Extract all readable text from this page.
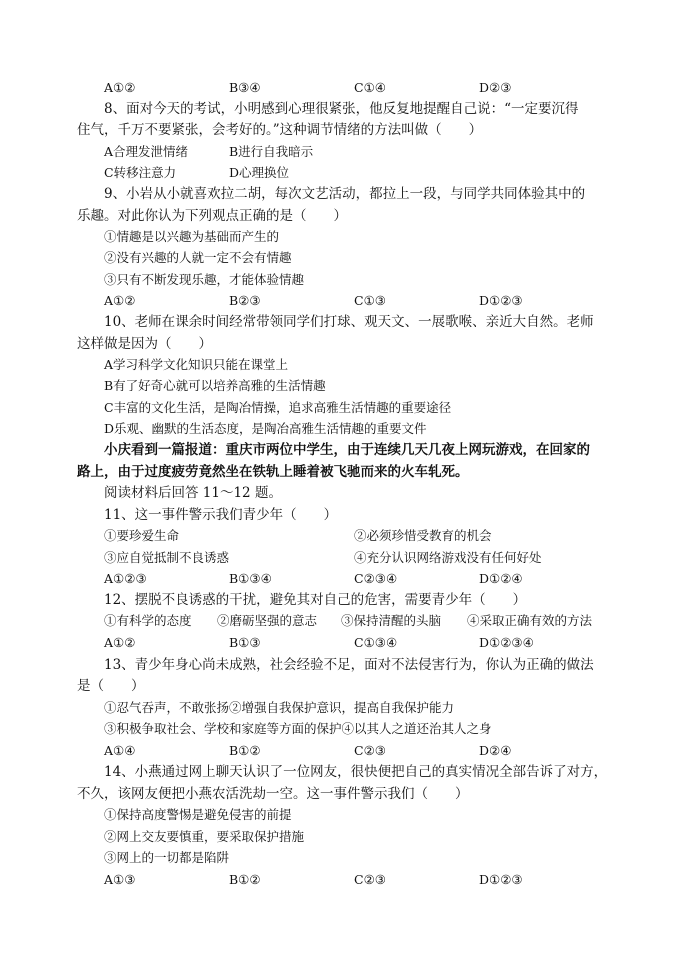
A①②	B③④	C①④	D②③
8、面对今天的考试，小明感到心理很紧张，他反复地提醒自己说：“一定要沉得
住气，千万不要紧张，会考好的。”这种调节情绪的方法叫做（　　）
A合理发泄情绪	B进行自我暗示
C转移注意力	D心理换位
9、小岩从小就喜欢拉二胡，每次文艺活动，都拉上一段，与同学共同体验其中的
乐趣。对此你认为下列观点正确的是（　　）
①情趣是以兴趣为基础而产生的
②没有兴趣的人就一定不会有情趣
③只有不断发现乐趣，才能体验情趣
A①②	B②③	C①③	D①②③
10、老师在课余时间经常带领同学们打球、观天文、一展歌喉、亲近大自然。老师
这样做是因为（　　）
A学习科学文化知识只能在课堂上
B有了好奇心就可以培养高雅的生活情趣
C丰富的文化生活，是陶冶情操，追求高雅生活情趣的重要途径
D乐观、幽默的生活态度，是陶冶高雅生活情趣的重要文件
小庆看到一篇报道：重庆市两位中学生，由于连续几天几夜上网玩游戏，在回家的
路上，由于过度疲劳竟然坐在铁轨上睡着被飞驰而来的火车轧死。
阅读材料后回答 11～12 题。
11、这一事件警示我们青少年（　　）
①要珍爱生命	②必须珍惜受教育的机会
③应自觉抵制不良诱惑	④充分认识网络游戏没有任何好处
A①②③	B①③④	C②③④	D①②④
12、摆脱不良诱惑的干扰，避免其对自己的危害，需要青少年（　　）
①有科学的态度 ②磨砺坚强的意志 ③保持清醒的头脑 ④采取正确有效的方法
A①②	B①③	C①③④	D①②③④
13、青少年身心尚未成熟，社会经验不足，面对不法侵害行为，你认为正确的做法
是（　　）
①忍气吞声，不敢张扬②增强自我保护意识，提高自我保护能力
③积极争取社会、学校和家庭等方面的保护④以其人之道还治其人之身
A①④	B①②	C②③	D②④
14、小燕通过网上聊天认识了一位网友，很快便把自己的真实情况全部告诉了对方，
不久，该网友便把小燕农活洗劫一空。这一事件警示我们（　　）
①保持高度警惕是避免侵害的前提
②网上交友要慎重，要采取保护措施
③网上的一切都是陷阱
A①③	B①②	C②③	D①②③
